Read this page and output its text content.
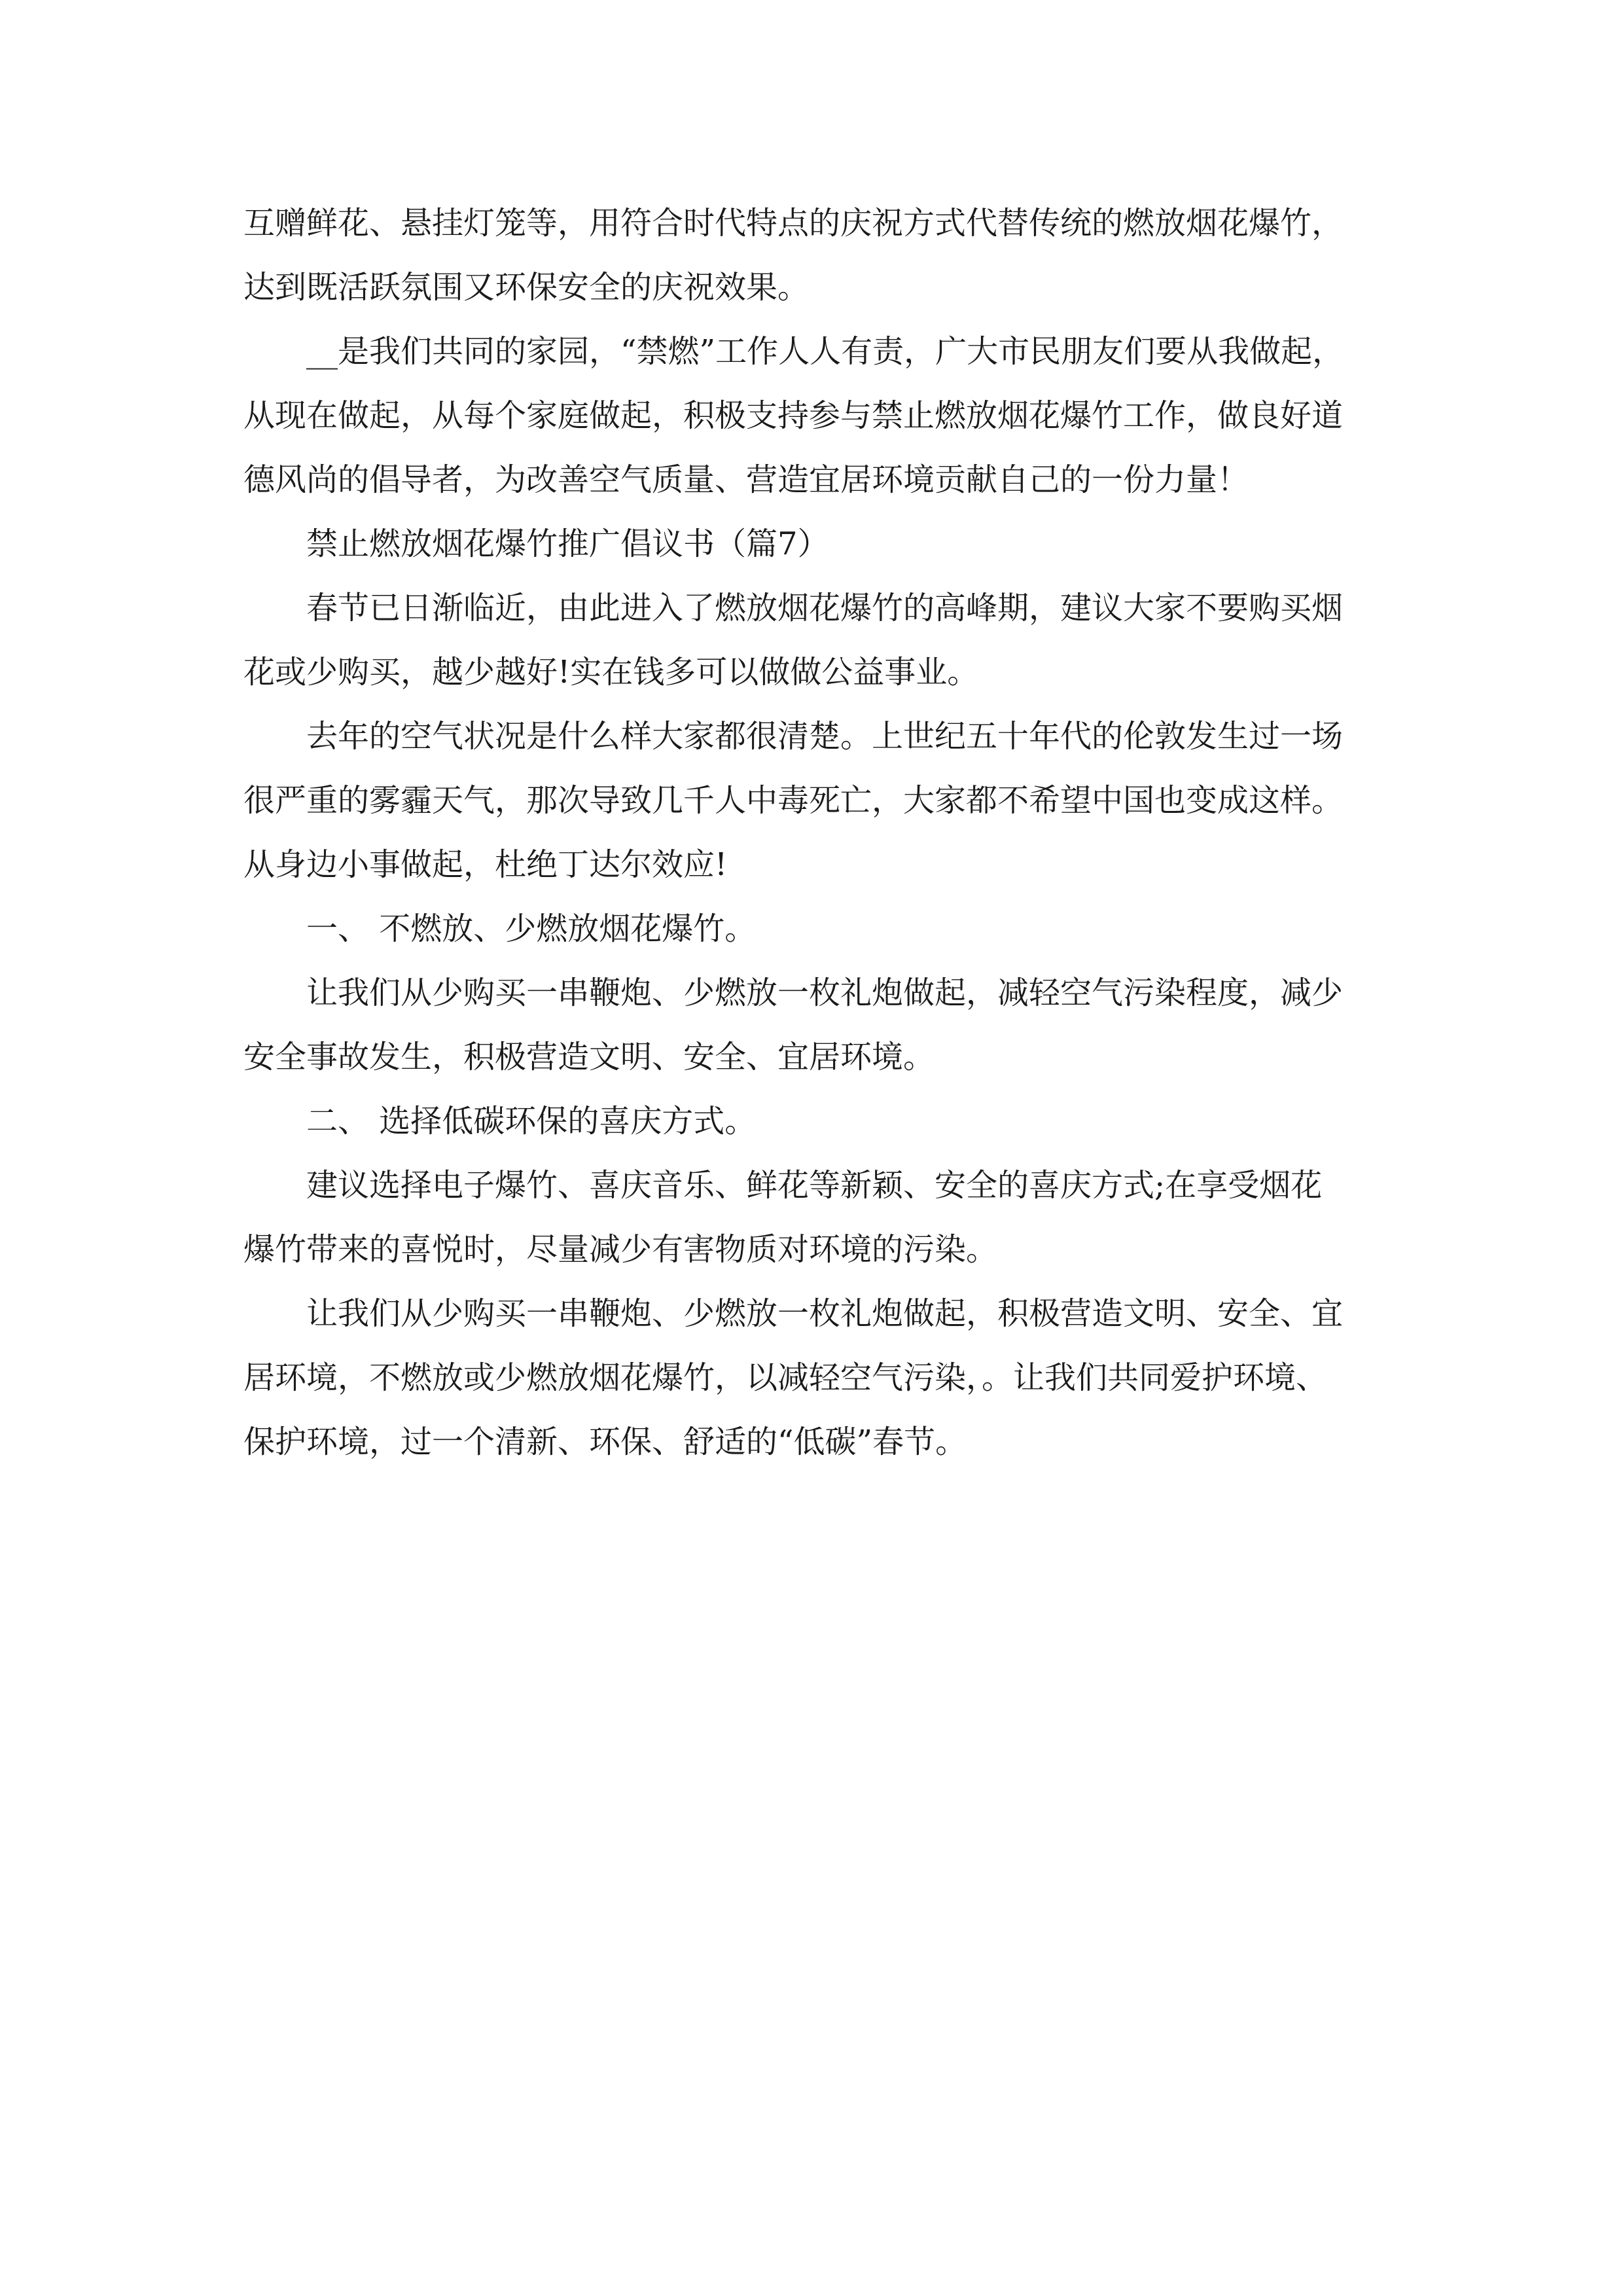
互赠鲜花、悬挂灯笼等，用符合时代特点的庆祝方式代替传统的燃放烟花爆竹，
达到既活跃氛围又环保安全的庆祝效果。
__是我们共同的家园，“禁燃”工作人人有责，广大市民朋友们要从我做起，
从现在做起，从每个家庭做起，积极支持参与禁止燃放烟花爆竹工作，做良好道
德风尚的倡导者，为改善空气质量、营造宜居环境贡献自己的一份力量！
禁止燃放烟花爆竹推广倡议书（篇7）
春节已日渐临近，由此进入了燃放烟花爆竹的高峰期，建议大家不要购买烟
花或少购买，越少越好!实在钱多可以做做公益事业。
去年的空气状况是什么样大家都很清楚。上世纪五十年代的伦敦发生过一场
很严重的雾霾天气，那次导致几千人中毒死亡，大家都不希望中国也变成这样。
从身边小事做起，杜绝丁达尔效应!
一、 不燃放、少燃放烟花爆竹。
让我们从少购买一串鞭炮、少燃放一枚礼炮做起，减轻空气污染程度，减少
安全事故发生，积极营造文明、安全、宜居环境。
二、 选择低碳环保的喜庆方式。
建议选择电子爆竹、喜庆音乐、鲜花等新颖、安全的喜庆方式;在享受烟花
爆竹带来的喜悦时，尽量减少有害物质对环境的污染。
让我们从少购买一串鞭炮、少燃放一枚礼炮做起，积极营造文明、安全、宜
居环境，不燃放或少燃放烟花爆竹，以减轻空气污染，。让我们共同爱护环境、
保护环境，过一个清新、环保、舒适的“低碳”春节。
